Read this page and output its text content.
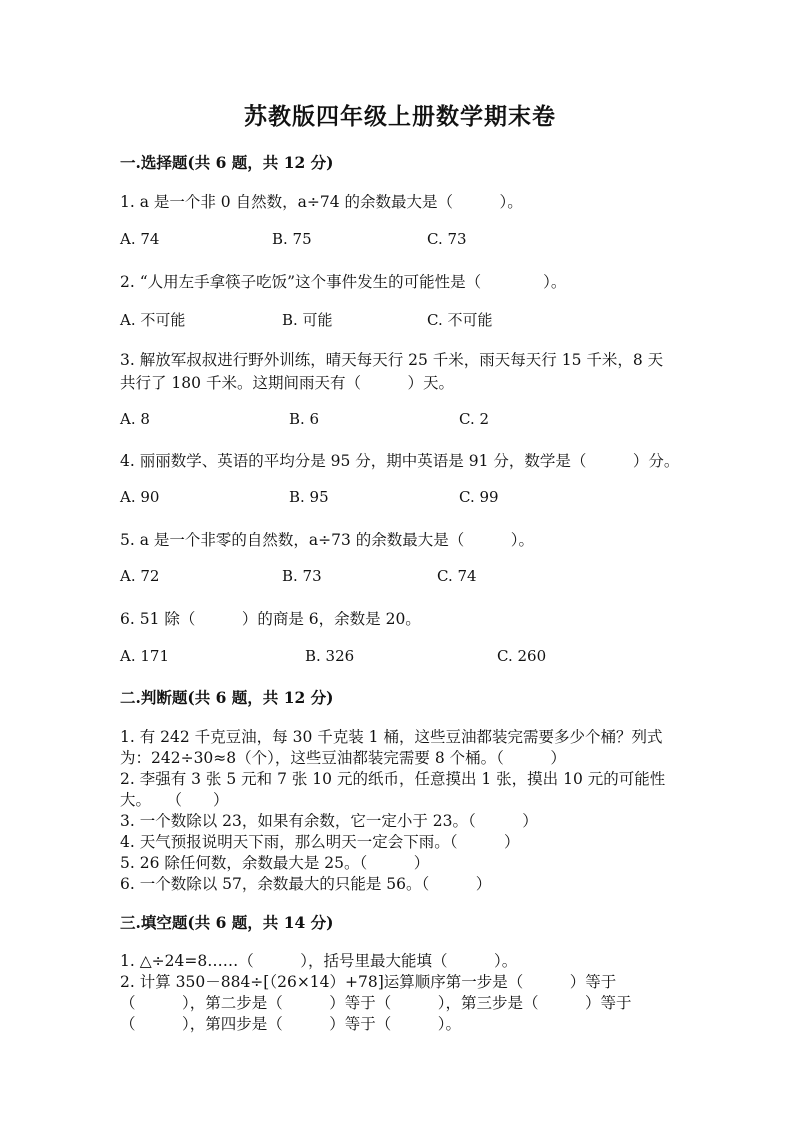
苏教版四年级上册数学期末卷
一.选择题(共 6 题，共 12 分)
1. a 是一个非 0 自然数，a÷74 的余数最大是（　　　）。
A. 74	B. 75	C. 73
2. “人用左手拿筷子吃饭”这个事件发生的可能性是（　　　　）。
A. 不可能	B. 可能	C. 不可能
3. 解放军叔叔进行野外训练，晴天每天行 25 千米，雨天每天行 15 千米，8 天
共行了 180 千米。这期间雨天有（　　　）天。
A. 8	B. 6	C. 2
4. 丽丽数学、英语的平均分是 95 分，期中英语是 91 分，数学是（　　　）分。
A. 90	B. 95	C. 99
5. a 是一个非零的自然数，a÷73 的余数最大是（　　　）。
A. 72	B. 73	C. 74
6. 51 除（　　　）的商是 6，余数是 20。
A. 171	B. 326	C. 260
二.判断题(共 6 题，共 12 分)
1. 有 242 千克豆油，每 30 千克装 1 桶，这些豆油都装完需要多少个桶？列式
为：242÷30≈8（个），这些豆油都装完需要 8 个桶。（　　　）
2. 李强有 3 张 5 元和 7 张 10 元的纸币，任意摸出 1 张，摸出 10 元的可能性
大。　　（　　）
3. 一个数除以 23，如果有余数，它一定小于 23。（　　　）
4. 天气预报说明天下雨，那么明天一定会下雨。（　　　）
5. 26 除任何数，余数最大是 25。（　　　）
6. 一个数除以 57，余数最大的只能是 56。（　　　）
三.填空题(共 6 题，共 14 分)
1. △÷24=8……（　　　），括号里最大能填（　　　）。
2. 计算 350－884÷[（26×14）+78]运算顺序第一步是（　　　）等于
（　　　），第二步是（　　　）等于（　　　），第三步是（　　　）等于
（　　　），第四步是（　　　）等于（　　　）。
